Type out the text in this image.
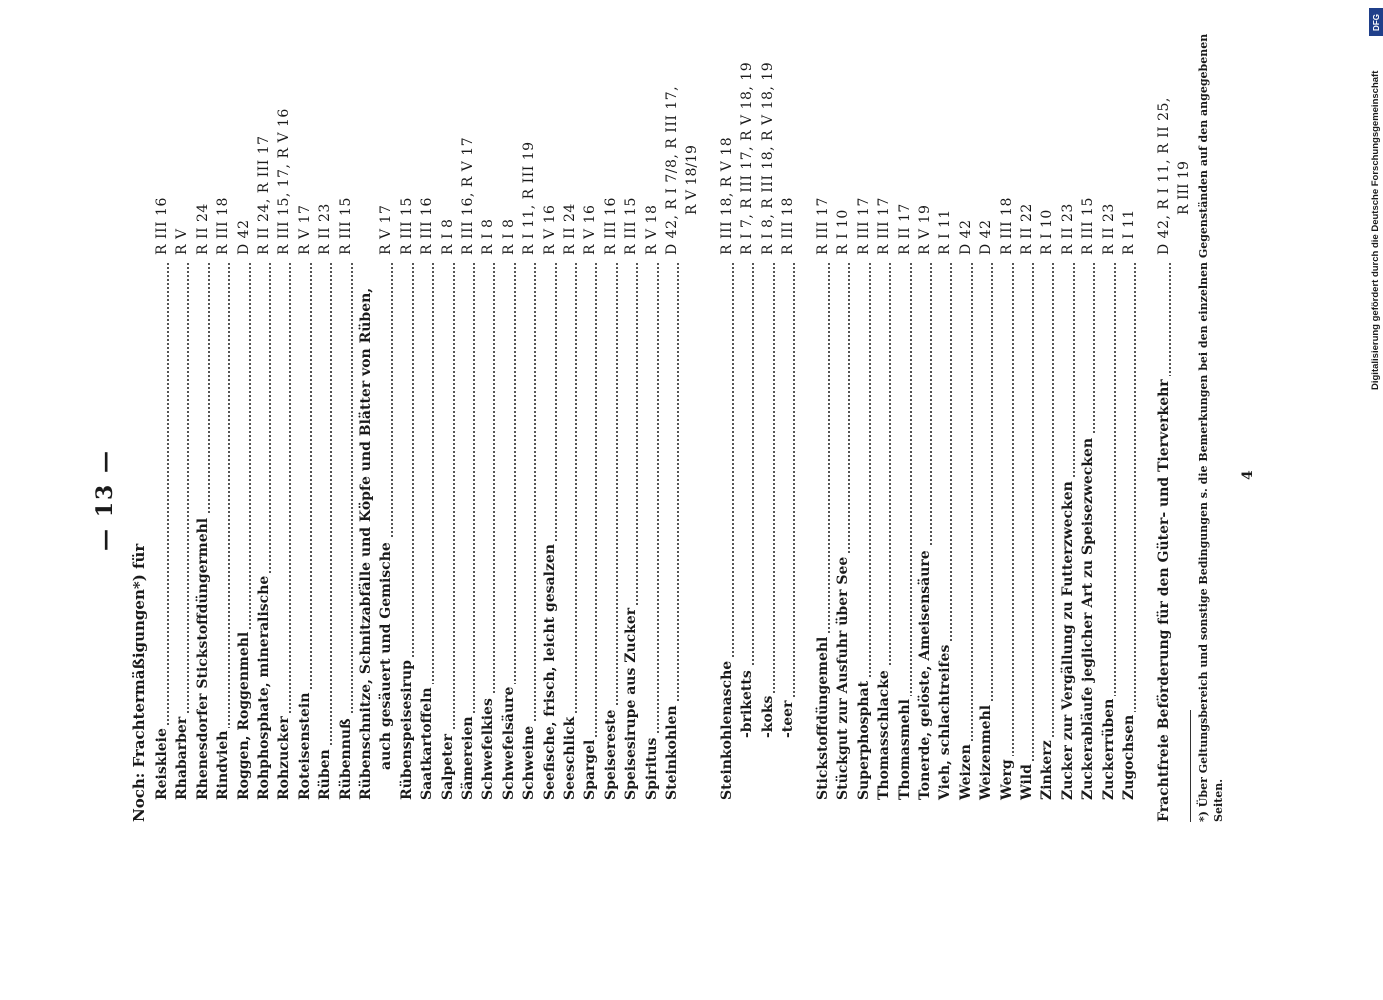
— 13 —
Noch: Frachtermäßigungen*) für Reiskleie
R III 16
Rhabarber
R V
Rhenesdorfer Stickstoffdüngermehl
R II 24
Rindvieh
R III 18
Roggen, Roggenmehl
D 42
Rohphosphate, mineralische
R II 24, R III 17
Rohzucker
R III 15, 17, R V 16
Roteisenstein
R V 17
Rüben
R II 23
Rübennuß
R III 15
Rübenschnitze, Schnitzabfälle und Köpfe und Blätter von Rüben, auch gesäuert und Gemische
R V 17
Rübenspeisesirup
R III 15
Saatkartoffeln
R III 16
Salpeter
R I 8
Sämereien
R III 16, R V 17
Schwefelkies
R I 8
Schwefelsäure
R I 8
Schweine
R I 11, R III 19
Seefische, frisch, leicht gesalzen
R V 16
Seeschlick
R II 24
Spargel
R V 16
Speisereste
R III 16
Speisesirupe aus Zucker
R III 15
Spiritus
R V 18
Steinkohlen
D 42, R I 7/8, R III 17, R V 18/19
Steinkohlenasche
R III 18, R V 18
-briketts
R I 7, R III 17, R V 18, 19
-koks
R I 8, R III 18, R V 18, 19
-teer
R III 18
Stickstoffdüngemehl
R III 17
Stückgut zur Ausfuhr über See
R I 10
Superphosphat
R III 17
Thomasschlacke
R III 17
Thomasmehl
R II 17
Tonerde, gelöste, Ameisensäure
R V 19
Vieh, schlachtreifes
R I 11
Weizen
D 42
Weizenmehl
D 42
Werg
R III 18
Wild
R II 22
Zinkerz
R I 10
Zucker zur Vergällung zu Futterzwecken
R II 23
Zuckerabläufe jeglicher Art zu Speisezwecken
R III 15
Zuckerrüben
R II 23
Zugochsen
R I 11
Frachtfreie Beförderung für den Güter- und Tierverkehr
D 42, R I 11, R II 25, R III 19 *) Über Geltungsbereich und sonstige Bedingungen s. die Bemerkungen bei den einzelnen Gegenständen auf den angegebenen Seiten.
4
DFG
Digitalisierung gefördert durch die Deutsche Forschungsgemeinschaft
